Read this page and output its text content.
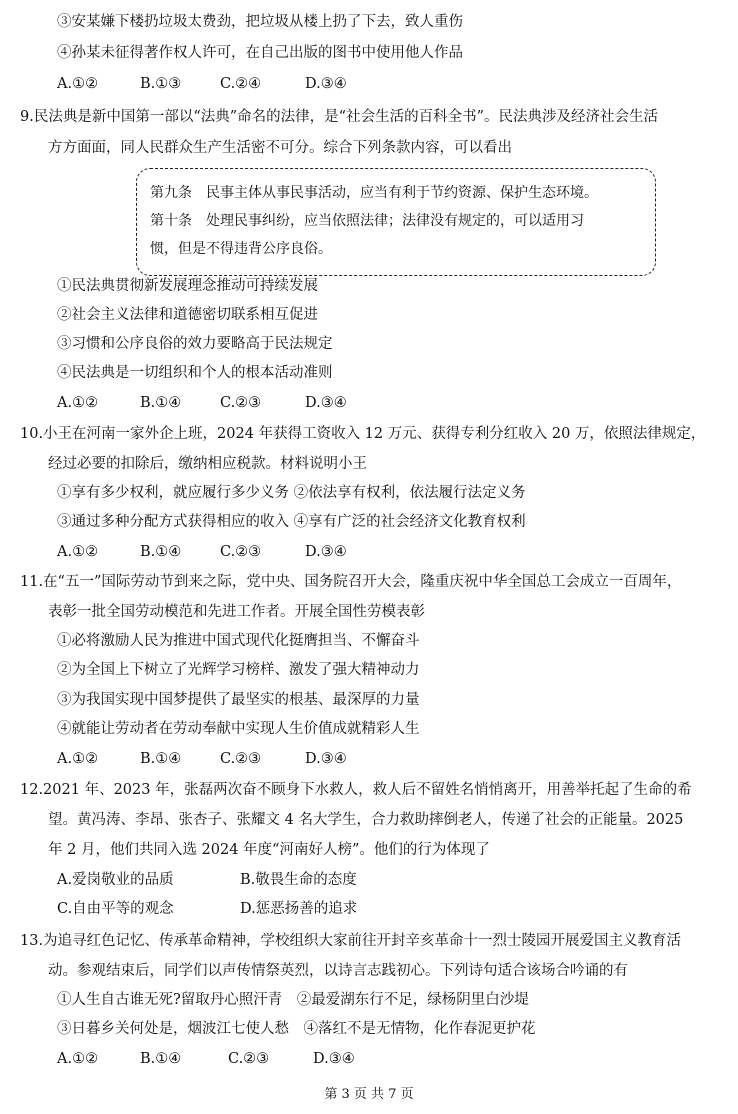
③安某嫌下楼扔垃圾太费劲，把垃圾从楼上扔了下去，致人重伤
④孙某未征得著作权人许可，在自己出版的图书中使用他人作品
A.①②	B.①③	C.②④	D.③④
9.民法典是新中国第一部以“法典”命名的法律，是“社会生活的百科全书”。民法典涉及经济社会生活
方方面面，同人民群众生产生活密不可分。综合下列条款内容，可以看出
第九条　民事主体从事民事活动，应当有利于节约资源、保护生态环境。
第十条　处理民事纠纷，应当依照法律；法律没有规定的，可以适用习
惯，但是不得违背公序良俗。
①民法典贯彻新发展理念推动可持续发展
②社会主义法律和道德密切联系相互促进
③习惯和公序良俗的效力要略高于民法规定
④民法典是一切组织和个人的根本活动准则
A.①②	B.①④	C.②③	D.③④
10.小王在河南一家外企上班，2024 年获得工资收入 12 万元、获得专利分红收入 20 万，依照法律规定，
经过必要的扣除后，缴纳相应税款。材料说明小王
①享有多少权利，就应履行多少义务 ②依法享有权利，依法履行法定义务
③通过多种分配方式获得相应的收入 ④享有广泛的社会经济文化教育权利
A.①②	B.①④	C.②③	D.③④
11.在“五一”国际劳动节到来之际，党中央、国务院召开大会，隆重庆祝中华全国总工会成立一百周年，
表彰一批全国劳动模范和先进工作者。开展全国性劳模表彰
①必将激励人民为推进中国式现代化挺膺担当、不懈奋斗
②为全国上下树立了光辉学习榜样、激发了强大精神动力
③为我国实现中国梦提供了最坚实的根基、最深厚的力量
④就能让劳动者在劳动奉献中实现人生价值成就精彩人生
A.①②	B.①④	C.②③	D.③④
12.2021 年、2023 年，张磊两次奋不顾身下水救人，救人后不留姓名悄悄离开，用善举托起了生命的希
望。黄冯涛、李昂、张杏子、张耀文 4 名大学生，合力救助摔倒老人，传递了社会的正能量。2025
年 2 月，他们共同入选 2024 年度“河南好人榜”。他们的行为体现了
A.爱岗敬业的品质	B.敬畏生命的态度
C.自由平等的观念	D.惩恶扬善的追求
13.为追寻红色记忆、传承革命精神，学校组织大家前往开封辛亥革命十一烈士陵园开展爱国主义教育活
动。参观结束后，同学们以声传情祭英烈，以诗言志践初心。下列诗句适合该场合吟诵的有
①人生自古谁无死?留取丹心照汗青　②最爱湖东行不足，绿杨阴里白沙堤
③日暮乡关何处是，烟波江七使人愁　④落红不是无情物，化作春泥更护花
A.①②	B.①④	C.②③	D.③④
第 3 页 共 7 页
